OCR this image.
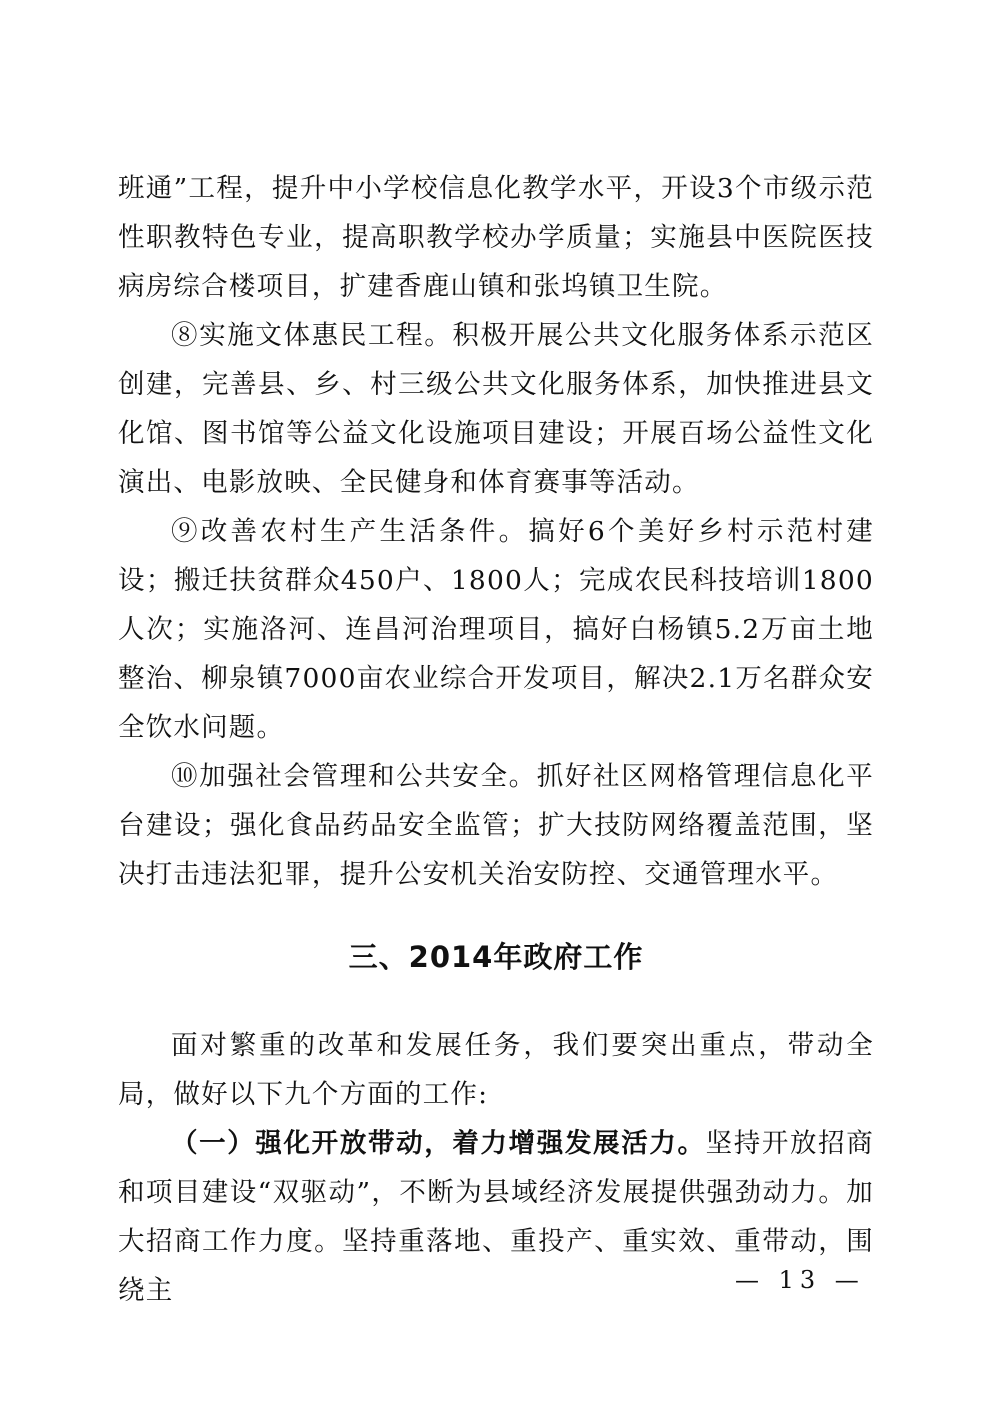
班通”工程，提升中小学校信息化教学水平，开设3个市级示范性职教特色专业，提高职教学校办学质量；实施县中医院医技病房综合楼项目，扩建香鹿山镇和张坞镇卫生院。

⑧实施文体惠民工程。积极开展公共文化服务体系示范区创建，完善县、乡、村三级公共文化服务体系，加快推进县文化馆、图书馆等公益文化设施项目建设；开展百场公益性文化演出、电影放映、全民健身和体育赛事等活动。

⑨改善农村生产生活条件。搞好6个美好乡村示范村建设；搬迁扶贫群众450户、1800人；完成农民科技培训1800人次；实施洛河、连昌河治理项目，搞好白杨镇5.2万亩土地整治、柳泉镇7000亩农业综合开发项目，解决2.1万名群众安全饮水问题。

⑩加强社会管理和公共安全。抓好社区网格管理信息化平台建设；强化食品药品安全监管；扩大技防网络覆盖范围，坚决打击违法犯罪，提升公安机关治安防控、交通管理水平。

三、2014年政府工作

面对繁重的改革和发展任务，我们要突出重点，带动全局，做好以下九个方面的工作:

（一）强化开放带动，着力增强发展活力。坚持开放招商和项目建设“双驱动”，不断为县域经济发展提供强劲动力。加大招商工作力度。坚持重落地、重投产、重实效、重带动，围绕主	— 13 —
